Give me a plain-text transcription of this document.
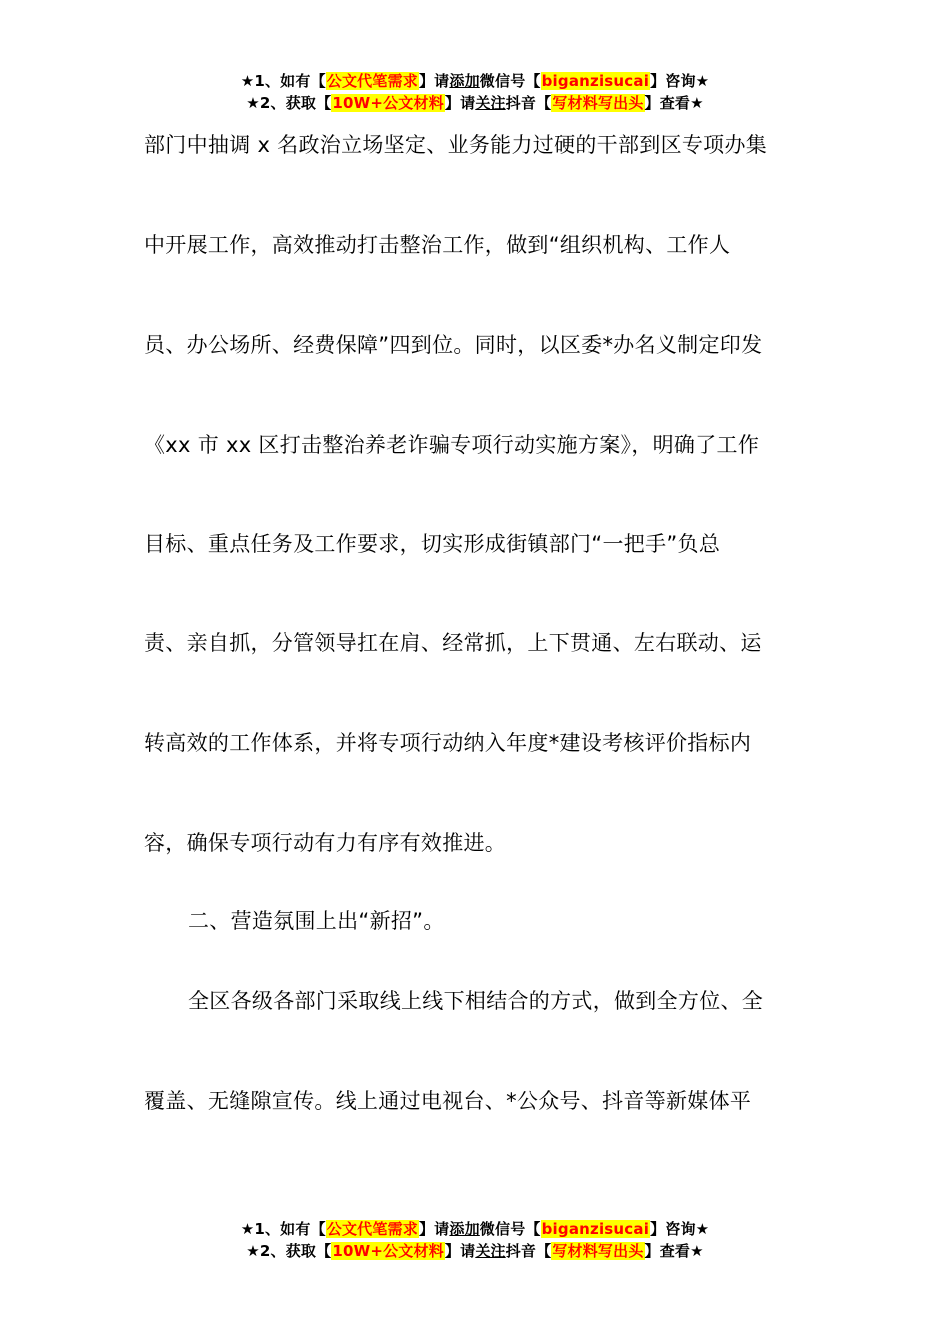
★1、如有【公文代笔需求】请添加微信号【biganzisucai】咨询★
★2、获取【10W+公文材料】请关注抖音【写材料写出头】查看★
部门中抽调 x 名政治立场坚定、业务能力过硬的干部到区专项办集
中开展工作，高效推动打击整治工作，做到“组织机构、工作人
员、办公场所、经费保障”四到位。同时，以区委*办名义制定印发
《xx 市 xx 区打击整治养老诈骗专项行动实施方案》，明确了工作
目标、重点任务及工作要求，切实形成街镇部门“一把手”负总
责、亲自抓，分管领导扛在肩、经常抓，上下贯通、左右联动、运
转高效的工作体系，并将专项行动纳入年度*建设考核评价指标内
容，确保专项行动有力有序有效推进。
二、营造氛围上出“新招”。
全区各级各部门采取线上线下相结合的方式，做到全方位、全
覆盖、无缝隙宣传。线上通过电视台、*公众号、抖音等新媒体平
★1、如有【公文代笔需求】请添加微信号【biganzisucai】咨询★
★2、获取【10W+公文材料】请关注抖音【写材料写出头】查看★
